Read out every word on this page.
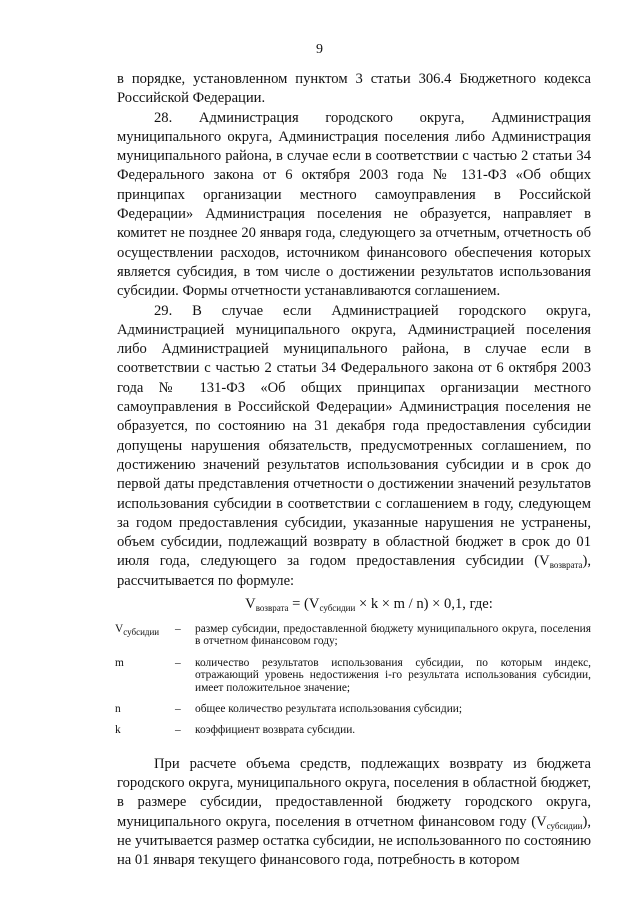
9

в порядке, установленном пунктом 3 статьи 306.4 Бюджетного кодекса Российской Федерации.

28. Администрация городского округа, Администрация муниципального округа, Администрация поселения либо Администрация муниципального района, в случае если в соответствии с частью 2 статьи 34 Федерального закона от 6 октября 2003 года № 131-ФЗ «Об общих принципах организации местного самоуправления в Российской Федерации» Администрация поселения не образуется, направляет в комитет не позднее 20 января года, следующего за отчетным, отчетность об осуществлении расходов, источником финансового обеспечения которых является субсидия, в том числе о достижении результатов использования субсидии. Формы отчетности устанавливаются соглашением.

29. В случае если Администрацией городского округа, Администрацией муниципального округа, Администрацией поселения либо Администрацией муниципального района, в случае если в соответствии с частью 2 статьи 34 Федерального закона от 6 октября 2003 года № 131-ФЗ «Об общих принципах организации местного самоуправления в Российской Федерации» Администрация поселения не образуется, по состоянию на 31 декабря года предоставления субсидии допущены нарушения обязательств, предусмотренных соглашением, по достижению значений результатов использования субсидии и в срок до первой даты представления отчетности о достижении значений результатов использования субсидии в соответствии с соглашением в году, следующем за годом предоставления субсидии, указанные нарушения не устранены, объем субсидии, подлежащий возврату в областной бюджет в срок до 01 июля года, следующего за годом предоставления субсидии $(V_{возврата})$, рассчитывается по формуле:

$V_{возврата} = (V_{субсидии} \times k \times m / n) \times 0,1$, где:
$V_{субсидии}$	–	размер субсидии, предоставленной бюджету муниципального округа, поселения в отчетном финансовом году;
m	–	количество результатов использования субсидии, по которым индекс, отражающий уровень недостижения i-го результата использования субсидии, имеет положительное значение;
n	–	общее количество результата использования субсидии;
k	–	коэффициент возврата субсидии.

При расчете объема средств, подлежащих возврату из бюджета городского округа, муниципального округа, поселения в областной бюджет, в размере субсидии, предоставленной бюджету городского округа, муниципального округа, поселения в отчетном финансовом году $(V_{субсидии})$, не учитывается размер остатка субсидии, не использованного по состоянию на 01 января текущего финансового года, потребность в котором
